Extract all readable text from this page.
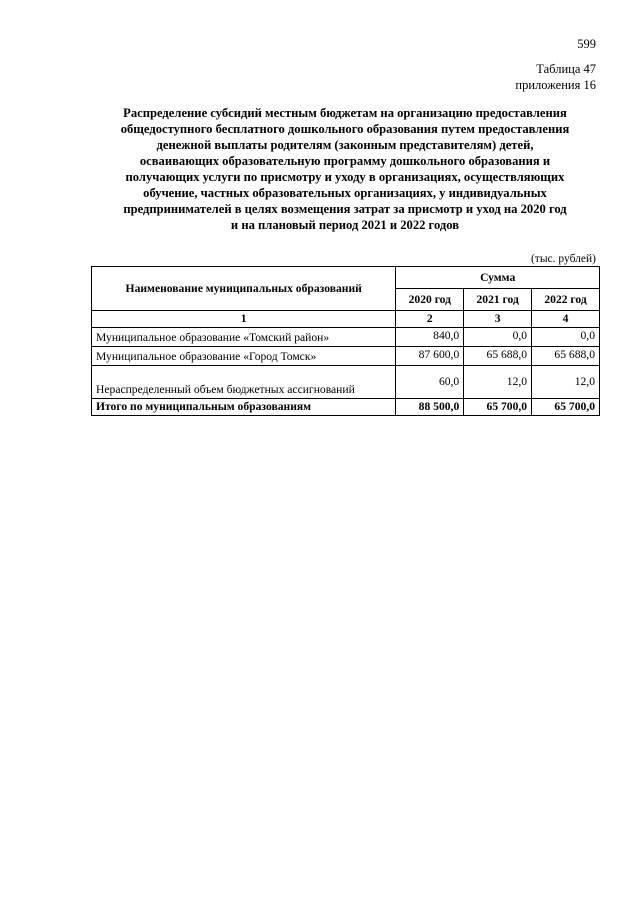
599
Таблица 47
приложения 16
Распределение субсидий местным бюджетам на организацию предоставления
общедоступного бесплатного дошкольного образования путем предоставления
денежной выплаты родителям (законным представителям) детей,
осваивающих образовательную программу дошкольного образования и
получающих услуги по присмотру и уходу в организациях, осуществляющих
обучение, частных образовательных организациях, у индивидуальных
предпринимателей в целях возмещения затрат за присмотр и уход на 2020 год
и на плановый период 2021 и 2022 годов
(тыс. рублей)
Наименование муниципальных образований	Сумма		
	2020 год	2021 год	2022 год
1	2	3	4
Муниципальное образование «Томский район»	840,0	0,0	0,0
Муниципальное образование «Город Томск»	87 600,0	65 688,0	65 688,0
Нераспределенный объем бюджетных ассигнований	60,0	12,0	12,0
Итого по муниципальным образованиям	88 500,0	65 700,0	65 700,0
